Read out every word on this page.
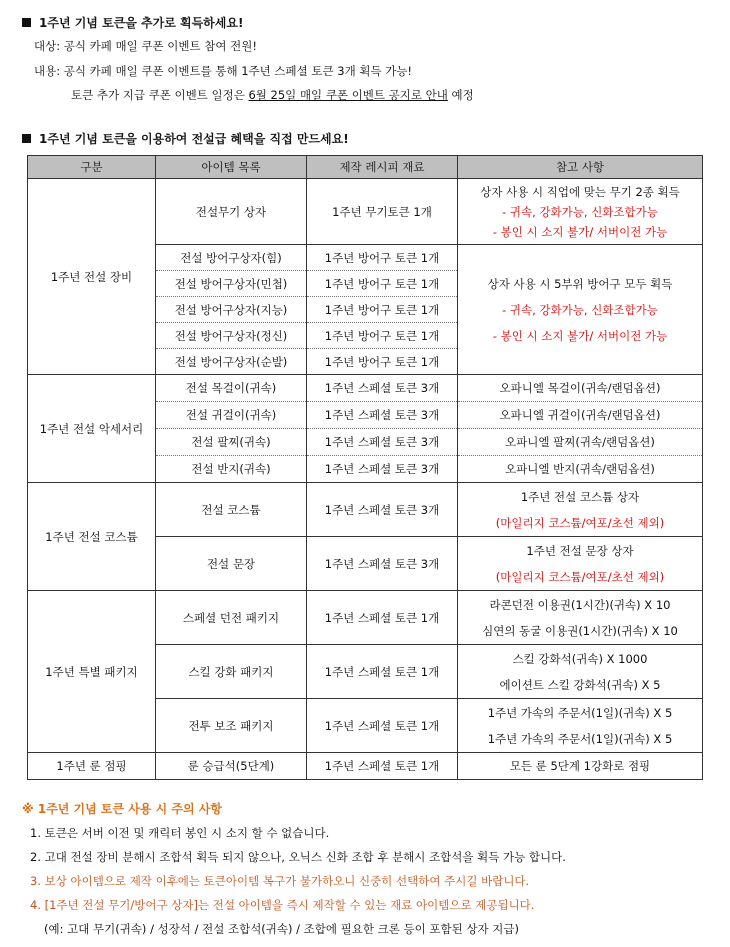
1주년 기념 토큰을 추가로 획득하세요!
대상: 공식 카페 매일 쿠폰 이벤트 참여 전원!
내용: 공식 카페 매일 쿠폰 이벤트를 통해 1주년 스페셜 토큰 3개 획득 가능!
토큰 추가 지급 쿠폰 이벤트 일정은 6월 25일 매일 쿠폰 이벤트 공지로 안내 예정
1주년 기념 토큰을 이용하여 전설급 혜택을 직접 만드세요!
구분	아이템 목록	제작 레시피 재료	참고 사항
1주년 전설 장비	전설무기 상자	1주년 무기토큰 1개	상자 사용 시 직업에 맞는 무기 2종 획득
- 귀속, 강화가능, 신화조합가능
- 봉인 시 소지 불가/ 서버이전 가능

	전설 방어구상자(힘)	1주년 방어구 토큰 1개	상자 사용 시 5부위 방어구 모두 획득
- 귀속, 강화가능, 신화조합가능
- 봉인 시 소지 불가/ 서버이전 가능

	전설 방어구상자(민첩)	1주년 방어구 토큰 1개	
	전설 방어구상자(지능)	1주년 방어구 토큰 1개	
	전설 방어구상자(정신)	1주년 방어구 토큰 1개	
	전설 방어구상자(순발)	1주년 방어구 토큰 1개	
1주년 전설 악세서리	전설 목걸이(귀속)	1주년 스페셜 토큰 3개	오파니엘 목걸이(귀속/랜덤옵션)
	전설 귀걸이(귀속)	1주년 스페셜 토큰 3개	오파니엘 귀걸이(귀속/랜덤옵션)
	전설 팔찌(귀속)	1주년 스페셜 토큰 3개	오파니엘 팔찌(귀속/랜덤옵션)
	전설 반지(귀속)	1주년 스페셜 토큰 3개	오파니엘 반지(귀속/랜덤옵션)
1주년 전설 코스튬	전설 코스튬	1주년 스페셜 토큰 3개	1주년 전설 코스튬 상자
(마일리지 코스튬/여포/초선 제외)

	전설 문장	1주년 스페셜 토큰 3개	1주년 전설 문장 상자
(마일리지 코스튬/여포/초선 제외)

1주년 특별 패키지	스페셜 던전 패키지	1주년 스페셜 토큰 1개	라콘던전 이용권(1시간)(귀속) X 10
심연의 동굴 이용권(1시간)(귀속) X 10

	스킬 강화 패키지	1주년 스페셜 토큰 1개	스킬 강화석(귀속) X 1000
에이션트 스킬 강화석(귀속) X 5

	전투 보조 패키지	1주년 스페셜 토큰 1개	1주년 가속의 주문서(1일)(귀속) X 5
1주년 가속의 주문서(1일)(귀속) X 5

1주년 룬 점핑	룬 승급석(5단계)	1주년 스페셜 토큰 1개	모든 룬 5단계 1강화로 점핑
※ 1주년 기념 토큰 사용 시 주의 사항
1. 토큰은 서버 이전 및 캐릭터 봉인 시 소지 할 수 없습니다.
2. 고대 전설 장비 분해시 조합석 획득 되지 않으나, 오닉스 신화 조합 후 분해시 조합석을 획득 가능 합니다.
3. 보상 아이템으로 제작 이후에는 토큰아이템 복구가 불가하오니 신중히 선택하여 주시길 바랍니다.
4. [1주년 전설 무기/방어구 상자]는 전설 아이템을 즉시 제작할 수 있는 재료 아이템으로 제공됩니다.
(예: 고대 무기(귀속) / 성장석 / 전설 조합석(귀속) / 조합에 필요한 크론 등이 포함된 상자 지급)
